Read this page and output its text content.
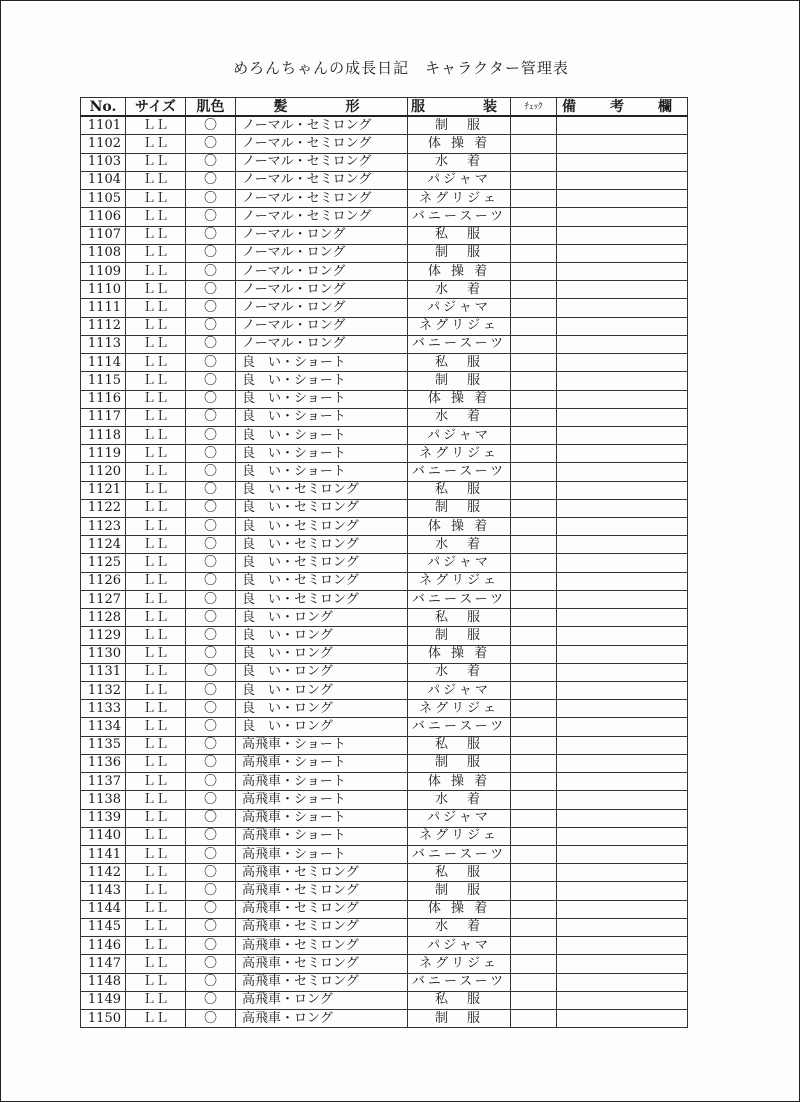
めろんちゃんの成長日記　キャラクター管理表
No.	サイズ	肌色	髪　　形	服　　装	ﾁｪｯｸ	備　考　欄
1101	ＬＬ	〇	ノーマル・セミロング	制　服		
1102	ＬＬ	〇	ノーマル・セミロング	体 操 着		
1103	ＬＬ	〇	ノーマル・セミロング	水　着		
1104	ＬＬ	〇	ノーマル・セミロング	パジャマ		
1105	ＬＬ	〇	ノーマル・セミロング	ネグリジェ		
1106	ＬＬ	〇	ノーマル・セミロング	バニースーツ		
1107	ＬＬ	〇	ノーマル・ロング	私　服		
1108	ＬＬ	〇	ノーマル・ロング	制　服		
1109	ＬＬ	〇	ノーマル・ロング	体 操 着		
1110	ＬＬ	〇	ノーマル・ロング	水　着		
1111	ＬＬ	〇	ノーマル・ロング	パジャマ		
1112	ＬＬ	〇	ノーマル・ロング	ネグリジェ		
1113	ＬＬ	〇	ノーマル・ロング	バニースーツ		
1114	ＬＬ	〇	良　い・ショート	私　服		
1115	ＬＬ	〇	良　い・ショート	制　服		
1116	ＬＬ	〇	良　い・ショート	体 操 着		
1117	ＬＬ	〇	良　い・ショート	水　着		
1118	ＬＬ	〇	良　い・ショート	パジャマ		
1119	ＬＬ	〇	良　い・ショート	ネグリジェ		
1120	ＬＬ	〇	良　い・ショート	バニースーツ		
1121	ＬＬ	〇	良　い・セミロング	私　服		
1122	ＬＬ	〇	良　い・セミロング	制　服		
1123	ＬＬ	〇	良　い・セミロング	体 操 着		
1124	ＬＬ	〇	良　い・セミロング	水　着		
1125	ＬＬ	〇	良　い・セミロング	パジャマ		
1126	ＬＬ	〇	良　い・セミロング	ネグリジェ		
1127	ＬＬ	〇	良　い・セミロング	バニースーツ		
1128	ＬＬ	〇	良　い・ロング	私　服		
1129	ＬＬ	〇	良　い・ロング	制　服		
1130	ＬＬ	〇	良　い・ロング	体 操 着		
1131	ＬＬ	〇	良　い・ロング	水　着		
1132	ＬＬ	〇	良　い・ロング	パジャマ		
1133	ＬＬ	〇	良　い・ロング	ネグリジェ		
1134	ＬＬ	〇	良　い・ロング	バニースーツ		
1135	ＬＬ	〇	高飛車・ショート	私　服		
1136	ＬＬ	〇	高飛車・ショート	制　服		
1137	ＬＬ	〇	高飛車・ショート	体 操 着		
1138	ＬＬ	〇	高飛車・ショート	水　着		
1139	ＬＬ	〇	高飛車・ショート	パジャマ		
1140	ＬＬ	〇	高飛車・ショート	ネグリジェ		
1141	ＬＬ	〇	高飛車・ショート	バニースーツ		
1142	ＬＬ	〇	高飛車・セミロング	私　服		
1143	ＬＬ	〇	高飛車・セミロング	制　服		
1144	ＬＬ	〇	高飛車・セミロング	体 操 着		
1145	ＬＬ	〇	高飛車・セミロング	水　着		
1146	ＬＬ	〇	高飛車・セミロング	パジャマ		
1147	ＬＬ	〇	高飛車・セミロング	ネグリジェ		
1148	ＬＬ	〇	高飛車・セミロング	バニースーツ		
1149	ＬＬ	〇	高飛車・ロング	私　服		
1150	ＬＬ	〇	高飛車・ロング	制　服		
